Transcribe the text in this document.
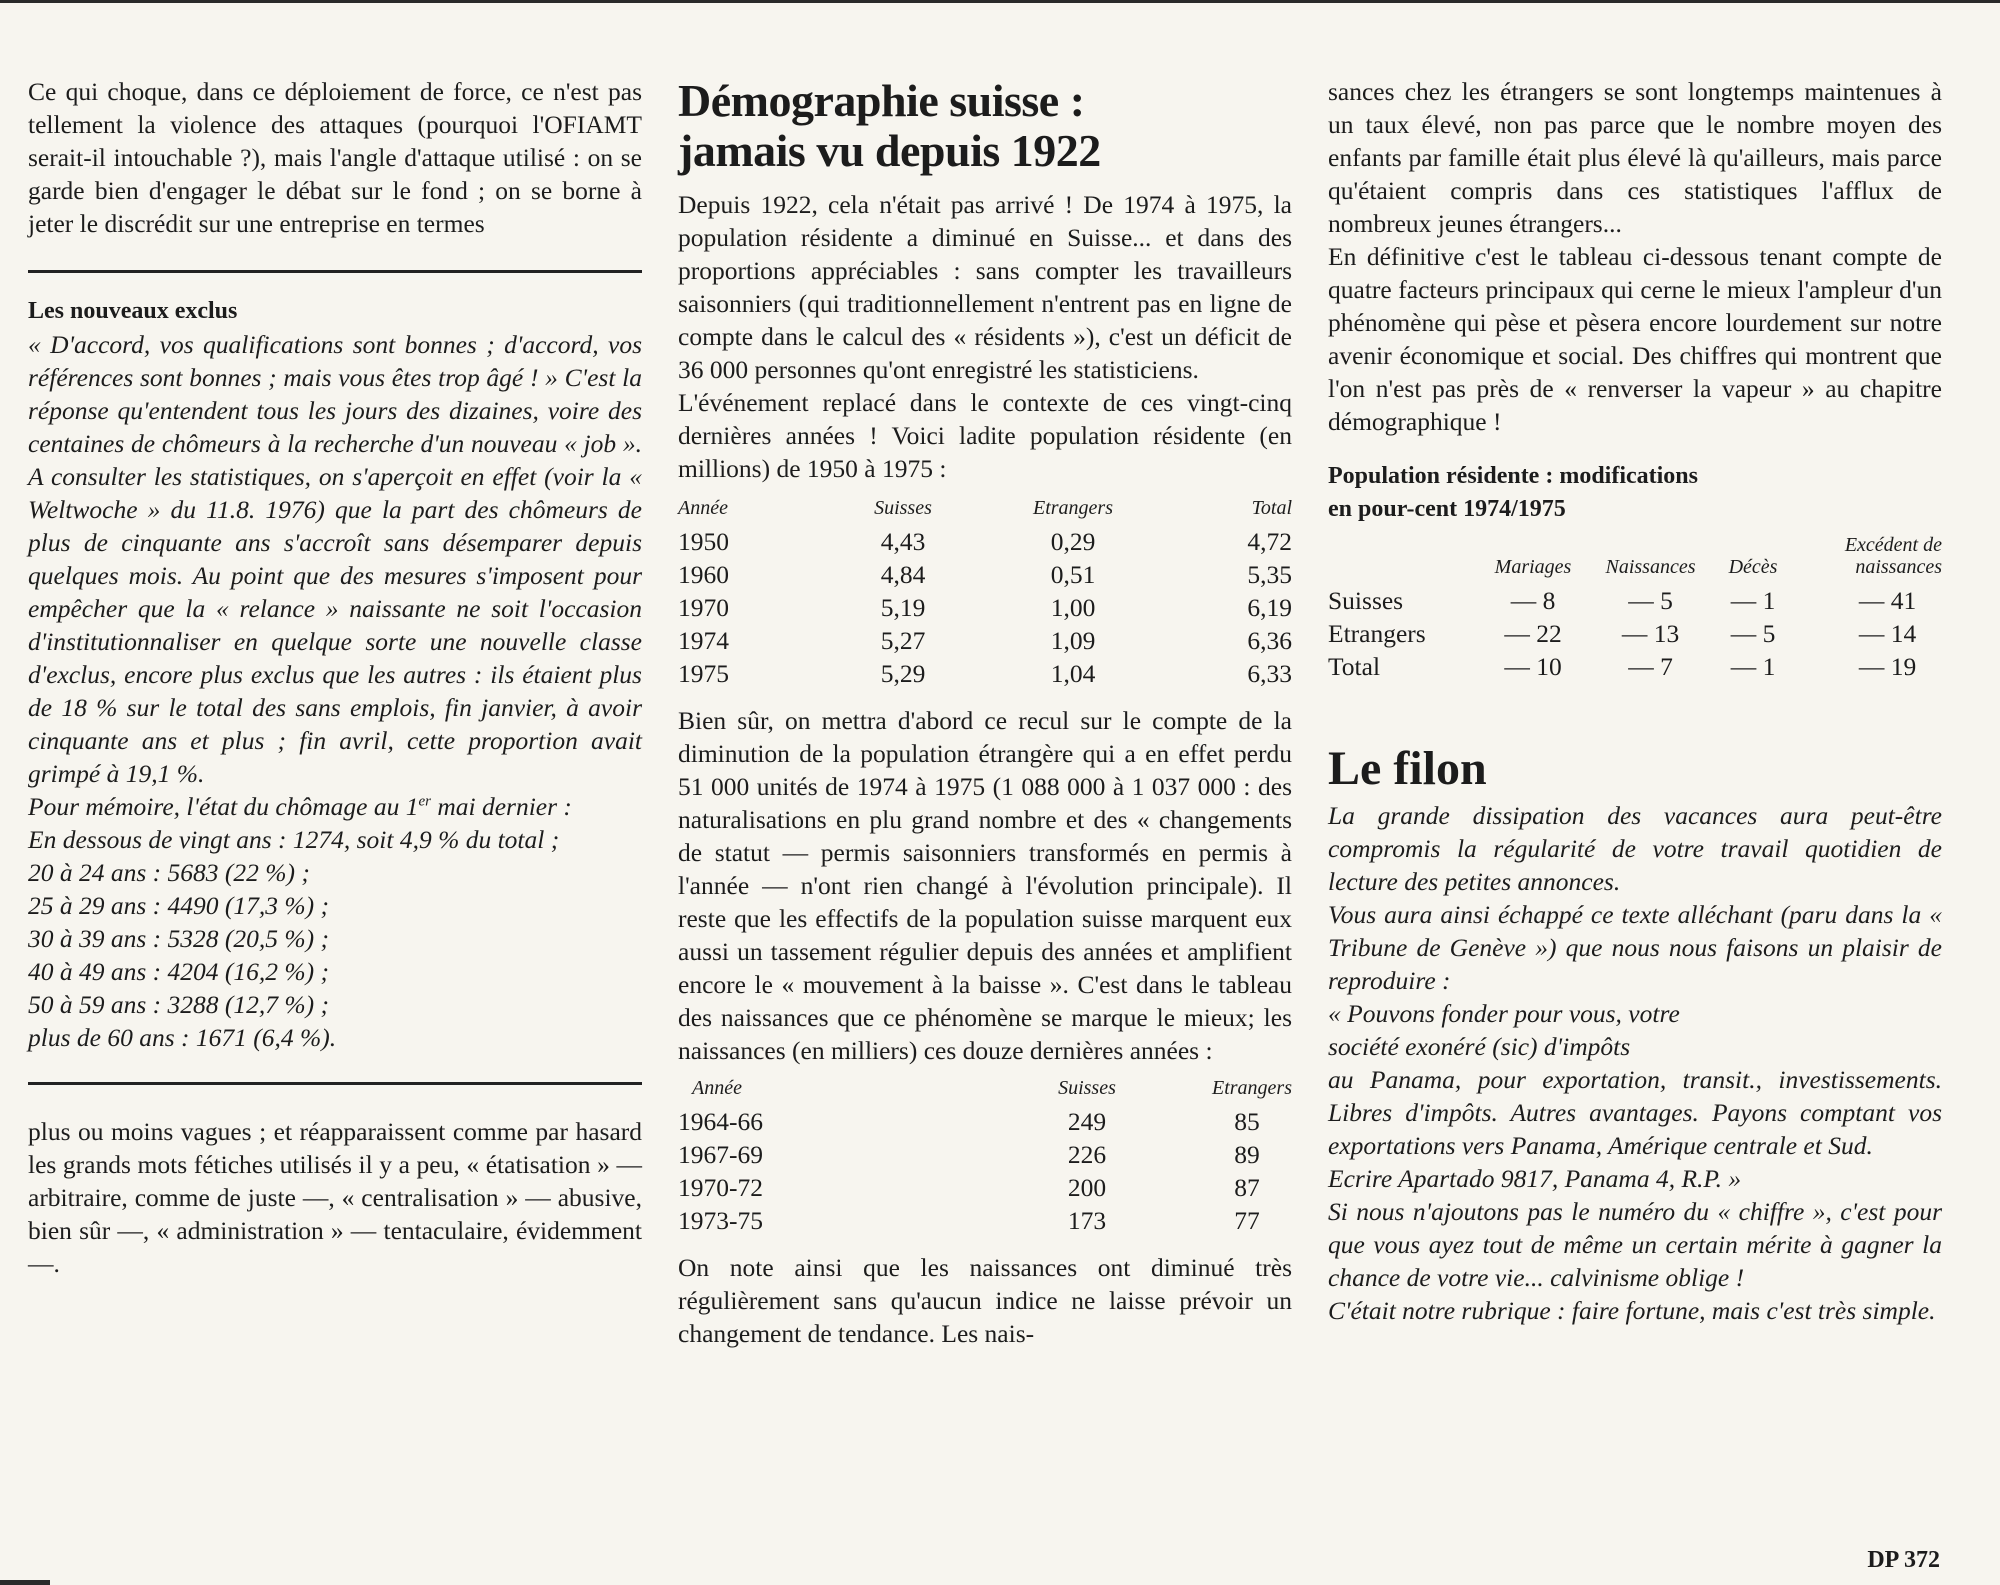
Ce qui choque, dans ce déploiement de force, ce n'est pas tellement la violence des attaques (pourquoi l'OFIAMT serait-il intouchable ?), mais l'angle d'attaque utilisé : on se garde bien d'engager le débat sur le fond ; on se borne à jeter le discrédit sur une entreprise en termes

Les nouveaux exclus

« D'accord, vos qualifications sont bonnes ; d'accord, vos références sont bonnes ; mais vous êtes trop âgé ! » C'est la réponse qu'entendent tous les jours des dizaines, voire des centaines de chômeurs à la recherche d'un nouveau « job ». A consulter les statistiques, on s'aperçoit en effet (voir la « Weltwoche » du 11.8. 1976) que la part des chômeurs de plus de cinquante ans s'accroît sans désemparer depuis quelques mois. Au point que des mesures s'imposent pour empêcher que la « relance » naissante ne soit l'occasion d'institutionnaliser en quelque sorte une nouvelle classe d'exclus, encore plus exclus que les autres : ils étaient plus de 18 % sur le total des sans emplois, fin janvier, à avoir cinquante ans et plus ; fin avril, cette proportion avait grimpé à 19,1 %.

Pour mémoire, l'état du chômage au 1er mai dernier :

En dessous de vingt ans : 1274, soit 4,9 % du total ;
20 à 24 ans : 5683 (22 %) ;
25 à 29 ans : 4490 (17,3 %) ;
30 à 39 ans : 5328 (20,5 %) ;
40 à 49 ans : 4204 (16,2 %) ;
50 à 59 ans : 3288 (12,7 %) ;
plus de 60 ans : 1671 (6,4 %).

plus ou moins vagues ; et réapparaissent comme par hasard les grands mots fétiches utilisés il y a peu, « étatisation » — arbitraire, comme de juste —, « centralisation » — abusive, bien sûr —, « administration » — tentaculaire, évidemment —.

Démographie suisse :
jamais vu depuis 1922

Depuis 1922, cela n'était pas arrivé ! De 1974 à 1975, la population résidente a diminué en Suisse... et dans des proportions appréciables : sans compter les travailleurs saisonniers (qui traditionnellement n'entrent pas en ligne de compte dans le calcul des « résidents »), c'est un déficit de 36 000 personnes qu'ont enregistré les statisticiens.

L'événement replacé dans le contexte de ces vingt-cinq dernières années ! Voici ladite population résidente (en millions) de 1950 à 1975 :

Année	Suisses	Etrangers	Total
1950	4,43	0,29	4,72
1960	4,84	0,51	5,35
1970	5,19	1,00	6,19
1974	5,27	1,09	6,36
1975	5,29	1,04	6,33

Bien sûr, on mettra d'abord ce recul sur le compte de la diminution de la population étrangère qui a en effet perdu 51 000 unités de 1974 à 1975 (1 088 000 à 1 037 000 : des naturalisations en plu grand nombre et des « changements de statut — permis saisonniers transformés en permis à l'année — n'ont rien changé à l'évolution principale). Il reste que les effectifs de la population suisse marquent eux aussi un tassement régulier depuis des années et amplifient encore le « mouvement à la baisse ». C'est dans le tableau des naissances que ce phénomène se marque le mieux; les naissances (en milliers) ces douze dernières années :

Année	Suisses	Etrangers
1964-66	249	85
1967-69	226	89
1970-72	200	87
1973-75	173	77

On note ainsi que les naissances ont diminué très régulièrement sans qu'aucun indice ne laisse prévoir un changement de tendance. Les nais-

sances chez les étrangers se sont longtemps maintenues à un taux élevé, non pas parce que le nombre moyen des enfants par famille était plus élevé là qu'ailleurs, mais parce qu'étaient compris dans ces statistiques l'afflux de nombreux jeunes étrangers...

En définitive c'est le tableau ci-dessous tenant compte de quatre facteurs principaux qui cerne le mieux l'ampleur d'un phénomène qui pèse et pèsera encore lourdement sur notre avenir économique et social. Des chiffres qui montrent que l'on n'est pas près de « renverser la vapeur » au chapitre démographique !

Population résidente : modifications
en pour-cent 1974/1975
	Mariages	Naissances	Décès	Excédent de naissances
Suisses	— 8	— 5	— 1	— 41
Etrangers	— 22	— 13	— 5	— 14
Total	— 10	— 7	— 1	— 19
Le filon

La grande dissipation des vacances aura peut-être compromis la régularité de votre travail quotidien de lecture des petites annonces.

Vous aura ainsi échappé ce texte alléchant (paru dans la « Tribune de Genève ») que nous nous faisons un plaisir de reproduire :

« Pouvons fonder pour vous, votre
société exonéré (sic) d'impôts

au Panama, pour exportation, transit., investissements. Libres d'impôts. Autres avantages. Payons comptant vos exportations vers Panama, Amérique centrale et Sud.

Ecrire Apartado 9817, Panama 4, R.P. »

Si nous n'ajoutons pas le numéro du « chiffre », c'est pour que vous ayez tout de même un certain mérite à gagner la chance de votre vie... calvinisme oblige !

C'était notre rubrique : faire fortune, mais c'est très simple.

DP 372
